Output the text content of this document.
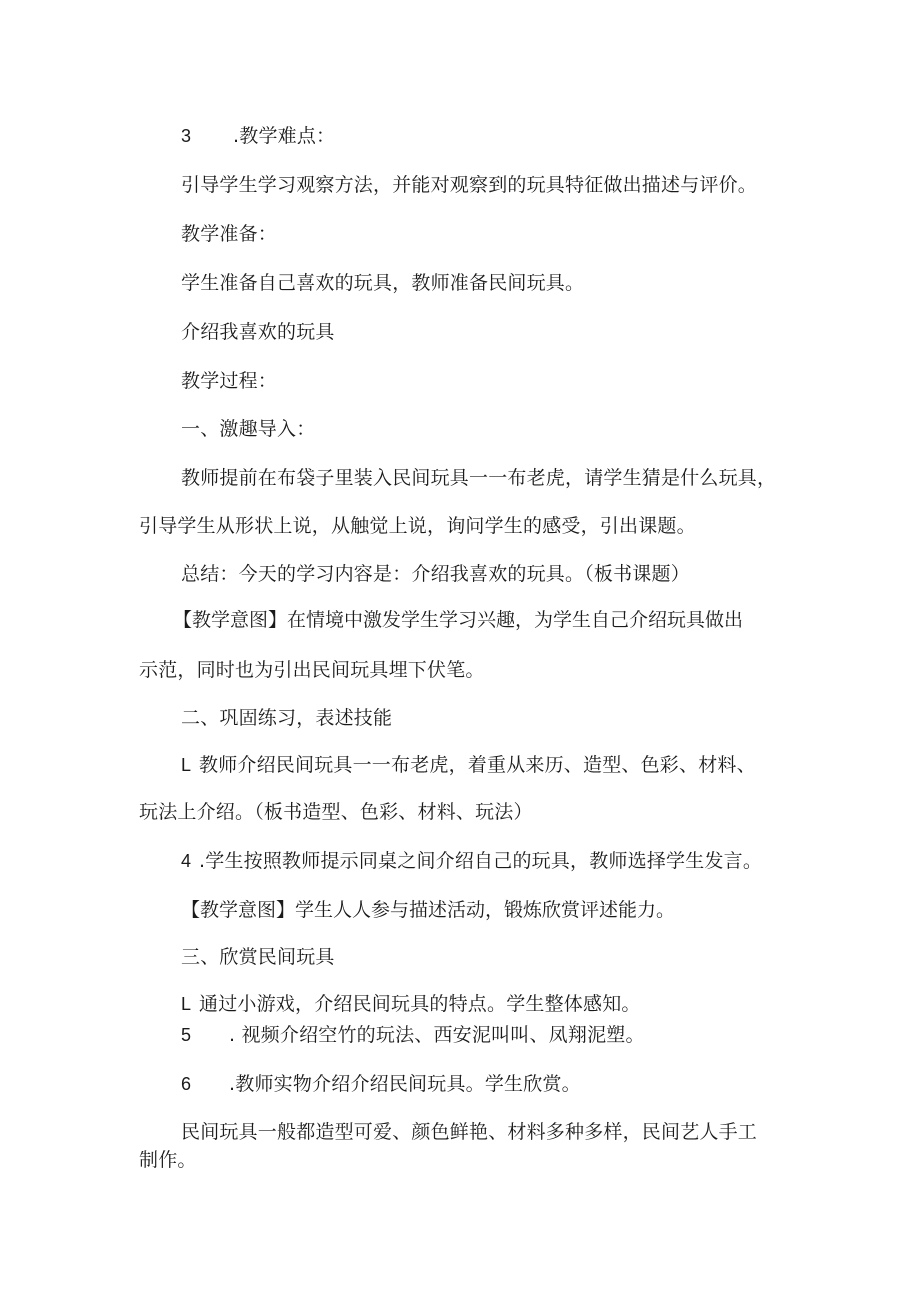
3 .教学难点：
引导学生学习观察方法，并能对观察到的玩具特征做出描述与评价。
教学准备：
学生准备自己喜欢的玩具，教师准备民间玩具。
介绍我喜欢的玩具
教学过程：
一、激趣导入：
教师提前在布袋子里装入民间玩具一一布老虎，请学生猜是什么玩具，
引导学生从形状上说，从触觉上说，询问学生的感受，引出课题。
总结：今天的学习内容是：介绍我喜欢的玩具。（板书课题）
【教学意图】在情境中激发学生学习兴趣，为学生自己介绍玩具做出
示范，同时也为引出民间玩具埋下伏笔。
二、巩固练习，表述技能
L 教师介绍民间玩具一一布老虎，着重从来历、造型、色彩、材料、
玩法上介绍。（板书造型、色彩、材料、玩法）
4 .学生按照教师提示同桌之间介绍自己的玩具，教师选择学生发言。
【教学意图】学生人人参与描述活动，锻炼欣赏评述能力。
三、欣赏民间玩具
L 通过小游戏，介绍民间玩具的特点。学生整体感知。
5 . 视频介绍空竹的玩法、西安泥叫叫、凤翔泥塑。
6 .教师实物介绍介绍民间玩具。学生欣赏。
民间玩具一般都造型可爱、颜色鲜艳、材料多种多样，民间艺人手工
制作。
